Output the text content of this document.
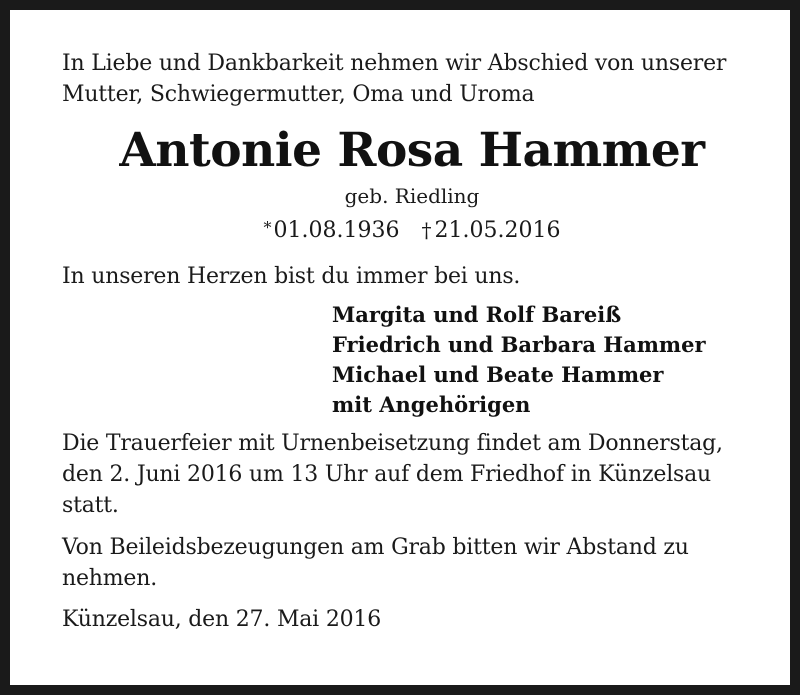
In Liebe und Dankbarkeit nehmen wir Abschied von unserer

Mutter, Schwiegermutter, Oma und Uroma

Antonie Rosa Hammer

geb. Riedling

*01.08.1936 † 21.05.2016

In unseren Herzen bist du immer bei uns.

Margita und Rolf Bareiß
Friedrich und Barbara Hammer
Michael und Beate Hammer
mit Angehörigen

Die Trauerfeier mit Urnenbeisetzung findet am Donnerstag,

den 2. Juni 2016 um 13 Uhr auf dem Friedhof in Künzelsau

statt.

Von Beileidsbezeugungen am Grab bitten wir Abstand zu

nehmen.

Künzelsau, den 27. Mai 2016
